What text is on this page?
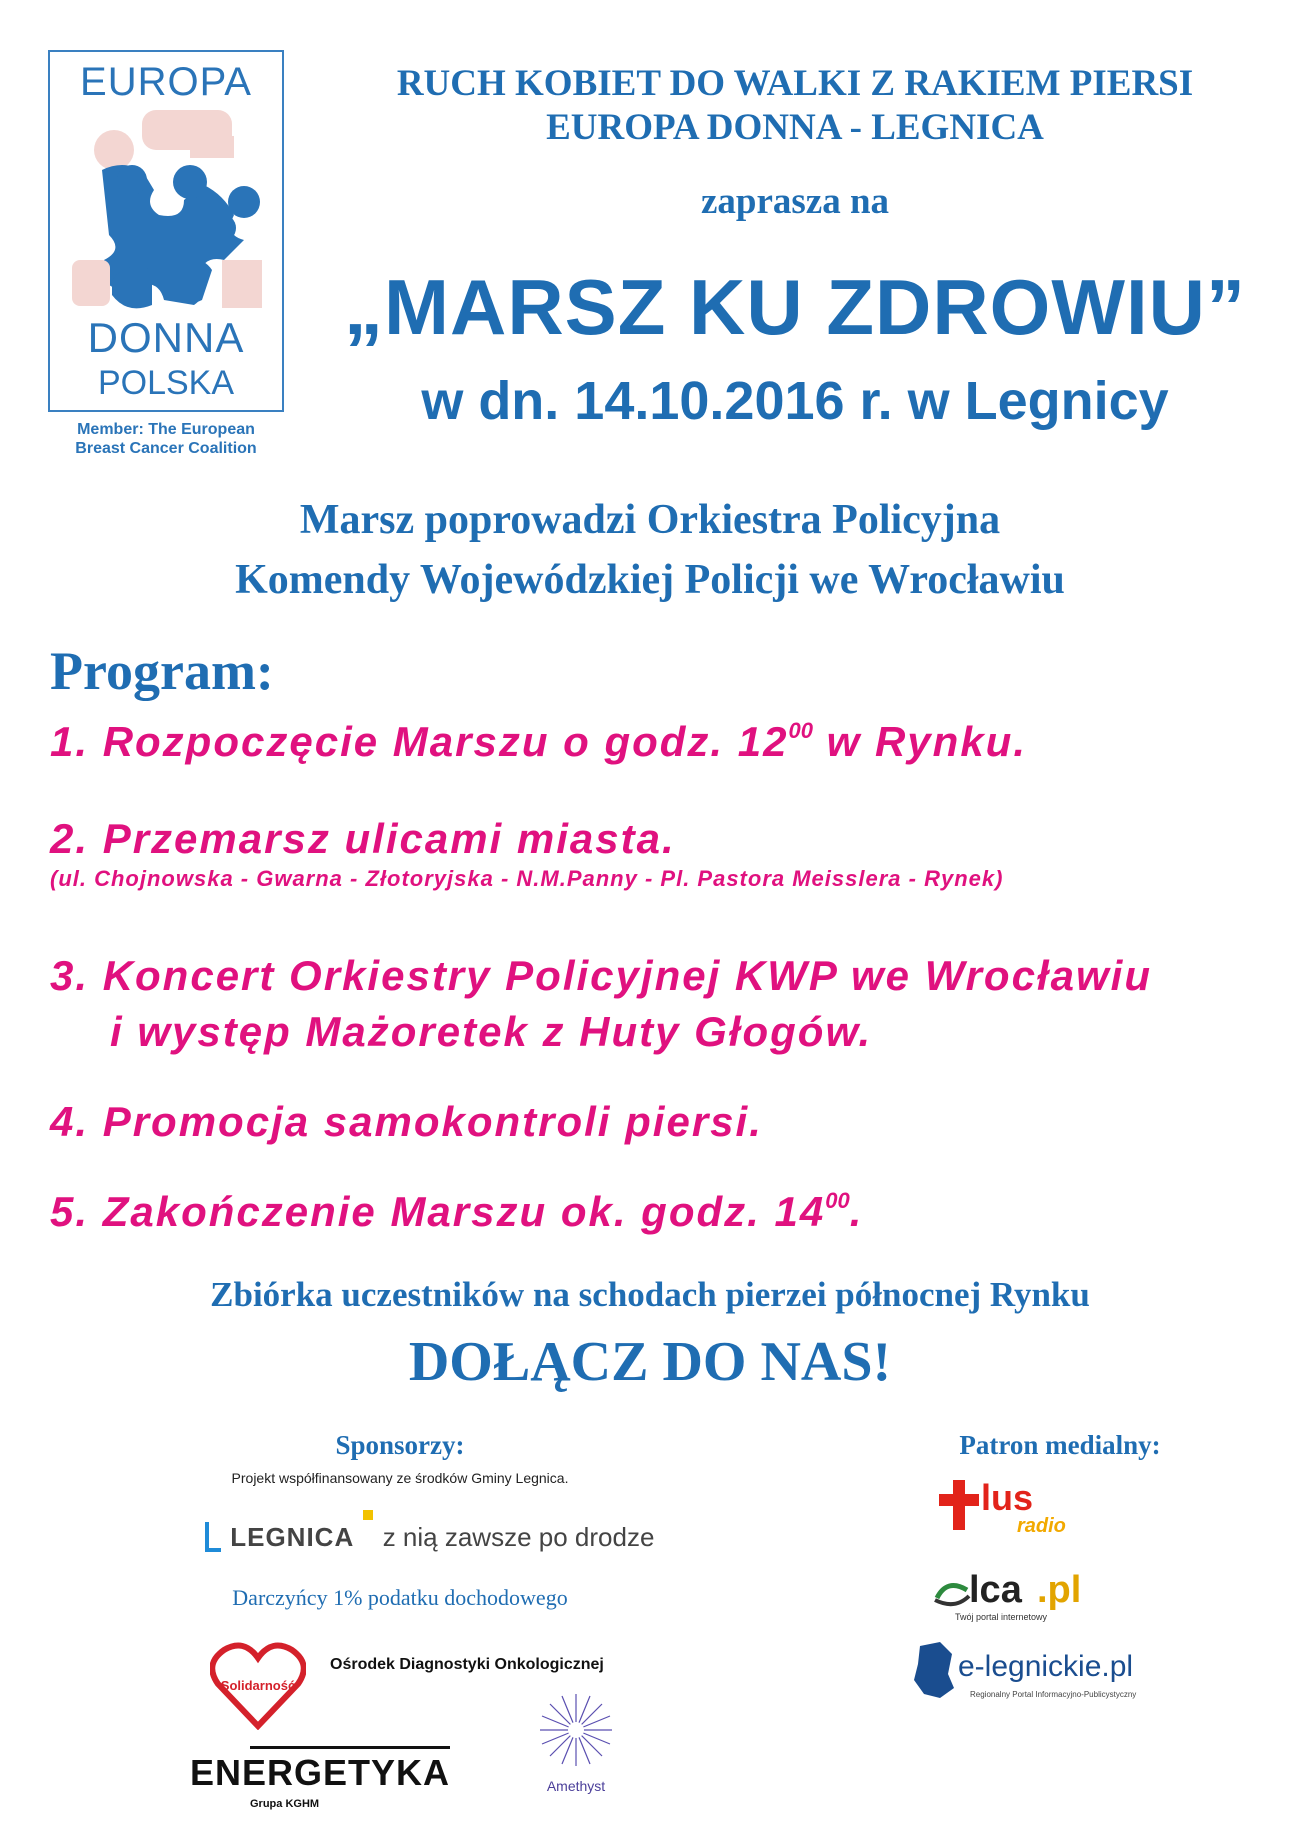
EUROPA
DONNA
POLSKA
Member: The European
Breast Cancer Coalition
RUCH KOBIET DO WALKI Z RAKIEM PIERSI
EUROPA DONNA - LEGNICA
zaprasza na
„MARSZ KU ZDROWIU”
w dn. 14.10.2016 r. w Legnicy
Marsz poprowadzi Orkiestra Policyjna
Komendy Wojewódzkiej Policji we Wrocławiu
Program:
1. Rozpoczęcie Marszu o godz. $12^{00}$ w Rynku.
2. Przemarsz ulicami miasta.
(ul. Chojnowska - Gwarna - Złotoryjska - N.M.Panny - Pl. Pastora Meisslera - Rynek)
3. Koncert Orkiestry Policyjnej KWP we Wrocławiu
i występ Mażoretek z Huty Głogów.
4. Promocja samokontroli piersi.
5. Zakończenie Marszu ok. godz. $14^{00}$.
Zbiórka uczestników na schodach pierzei północnej Rynku
DOŁĄCZ DO NAS!
Sponsorzy:
Projekt współfinansowany ze środków Gminy Legnica.
LEGNICA z nią zawsze po drodze
Darczyńcy 1% podatku dochodowego
Solidarność
Ośrodek Diagnostyki Onkologicznej
ENERGETYKA
Grupa KGHM
Amethyst
Patron medialny:
lus
radio
lca .pl
Twój portal internetowy
e-legnickie.pl
Regionalny Portal Informacyjno-Publicystyczny
